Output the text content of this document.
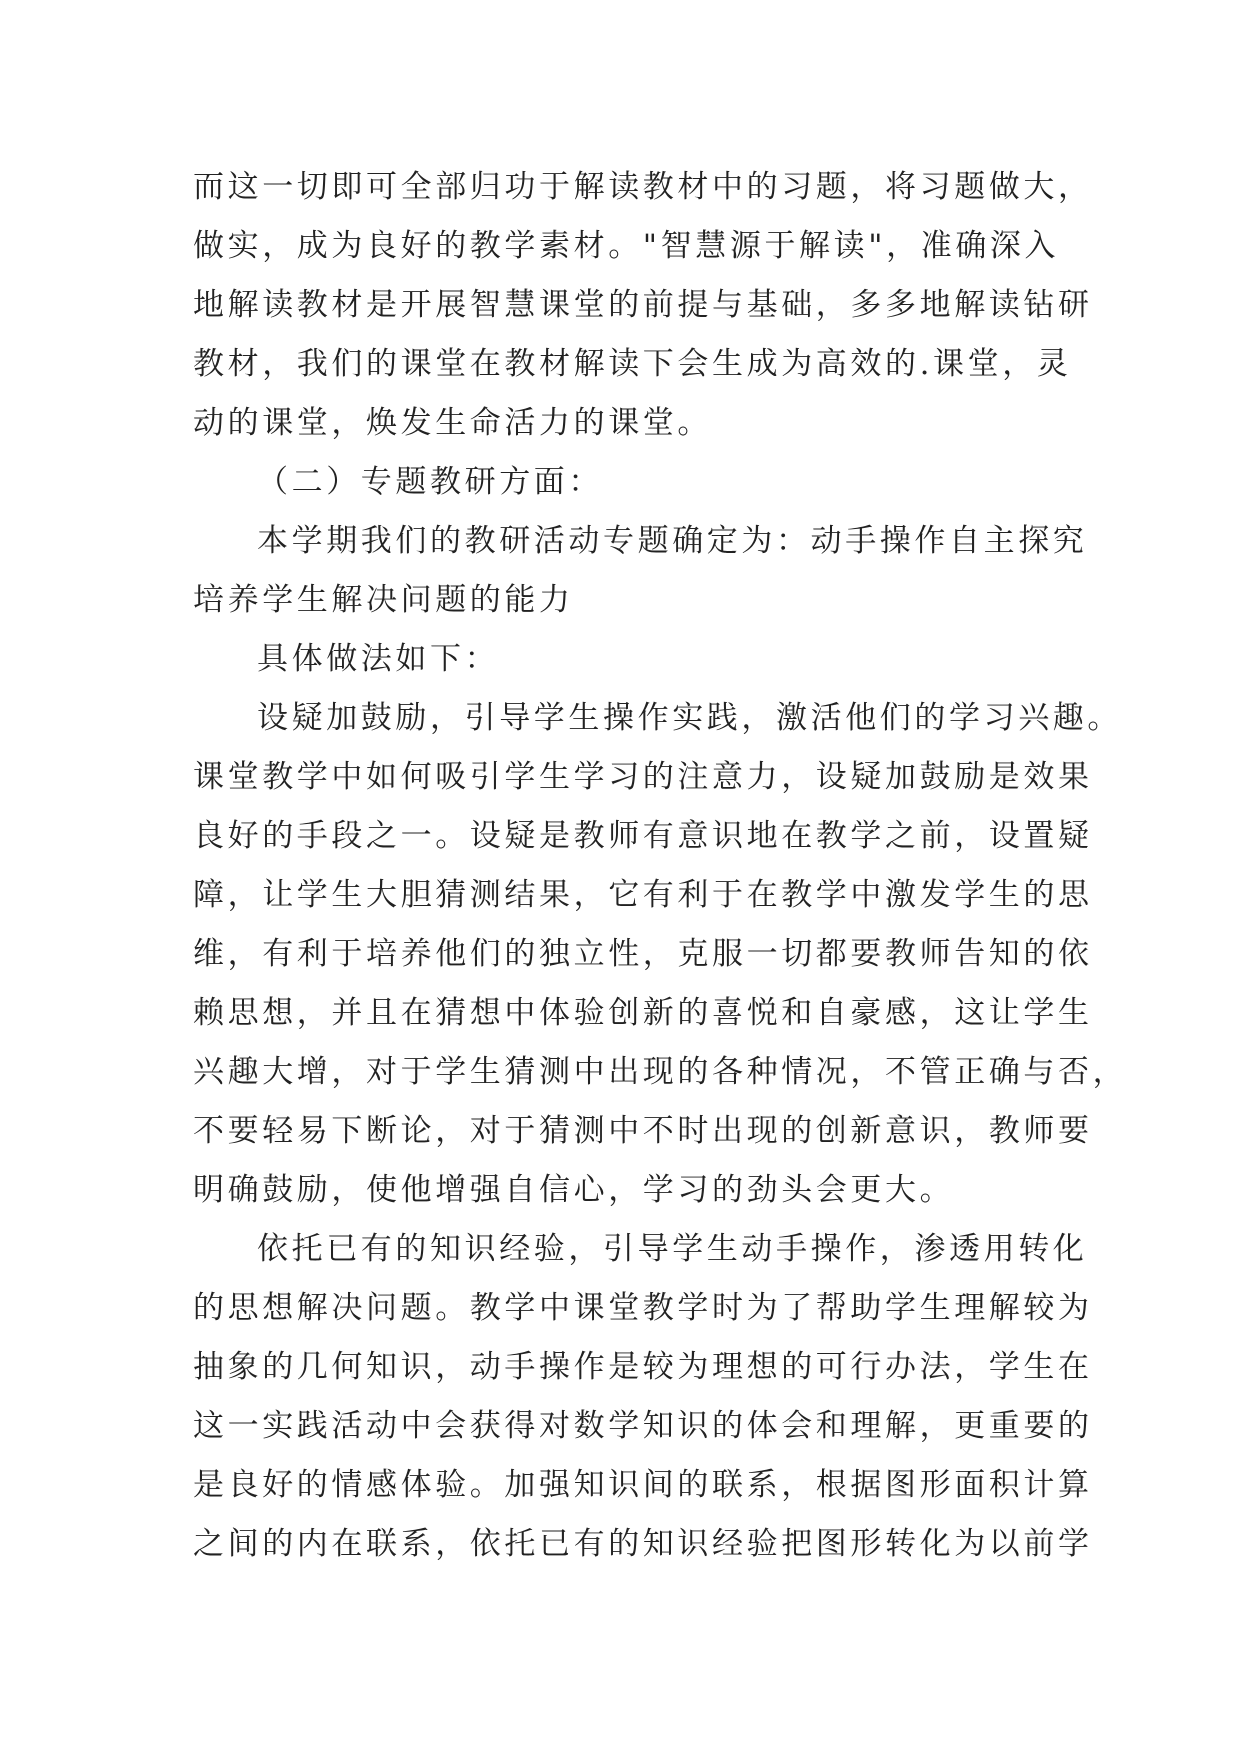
而这一切即可全部归功于解读教材中的习题，将习题做大，
做实，成为良好的教学素材。"智慧源于解读"，准确深入
地解读教材是开展智慧课堂的前提与基础，多多地解读钻研
教材，我们的课堂在教材解读下会生成为高效的.课堂，灵
动的课堂，焕发生命活力的课堂。
（二）专题教研方面：
本学期我们的教研活动专题确定为：动手操作自主探究
培养学生解决问题的能力
具体做法如下：
设疑加鼓励，引导学生操作实践，激活他们的学习兴趣。
课堂教学中如何吸引学生学习的注意力，设疑加鼓励是效果
良好的手段之一。设疑是教师有意识地在教学之前，设置疑
障，让学生大胆猜测结果，它有利于在教学中激发学生的思
维，有利于培养他们的独立性，克服一切都要教师告知的依
赖思想，并且在猜想中体验创新的喜悦和自豪感，这让学生
兴趣大增，对于学生猜测中出现的各种情况，不管正确与否，
不要轻易下断论，对于猜测中不时出现的创新意识，教师要
明确鼓励，使他增强自信心，学习的劲头会更大。
依托已有的知识经验，引导学生动手操作，渗透用转化
的思想解决问题。教学中课堂教学时为了帮助学生理解较为
抽象的几何知识，动手操作是较为理想的可行办法，学生在
这一实践活动中会获得对数学知识的体会和理解，更重要的
是良好的情感体验。加强知识间的联系，根据图形面积计算
之间的内在联系，依托已有的知识经验把图形转化为以前学
